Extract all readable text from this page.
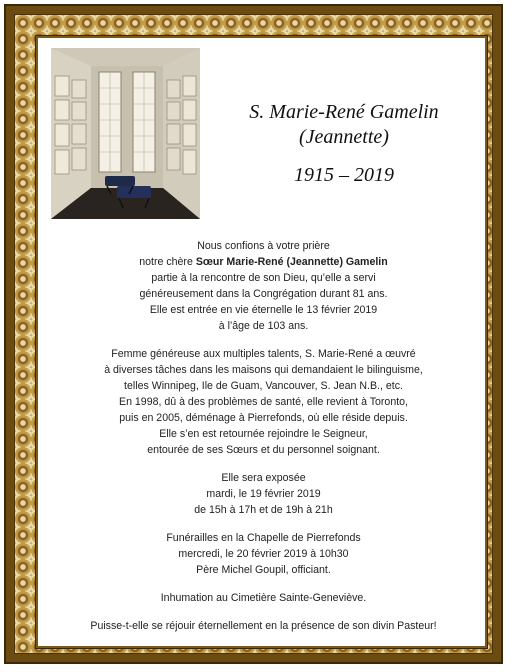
S. Marie-René Gamelin
(Jeannette)
1915 – 2019

Nous confions à votre prière

notre chère Sœur Marie-René (Jeannette) Gamelin

partie à la rencontre de son Dieu, qu’elle a servi

généreusement dans la Congrégation durant 81 ans.

Elle est entrée en vie éternelle le 13 février 2019

à l’âge de 103 ans.

Femme généreuse aux multiples talents, S. Marie-René a œuvré

à diverses tâches dans les maisons qui demandaient le bilinguisme,

telles Winnipeg, Ile de Guam, Vancouver, S. Jean N.B., etc.

En 1998, dû à des problèmes de santé, elle revient à Toronto,

puis en 2005, déménage à Pierrefonds, où elle réside depuis.

Elle s’en est retournée rejoindre le Seigneur,

entourée de ses Sœurs et du personnel soignant.

Elle sera exposée

mardi, le 19 février 2019

de 15h à 17h et de 19h à 21h

Funérailles en la Chapelle de Pierrefonds

mercredi, le 20 février 2019 à 10h30

Père Michel Goupil, officiant.

Inhumation au Cimetière Sainte-Geneviève.

Puisse-t-elle se réjouir éternellement en la présence de son divin Pasteur!
